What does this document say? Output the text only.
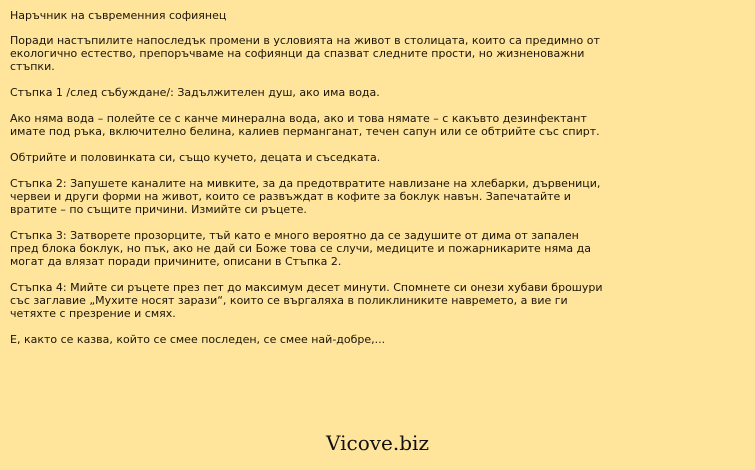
Наръчник на съвременния софиянец
Поради настъпилите напоследък промени в условията на живот в столицата, които са предимно от екологично естество, препоръчваме на софиянци да спазват следните прости, но жизненоважни стъпки.
Стъпка 1 /след събуждане/: Задължителен душ, ако има вода.
Ако няма вода – полейте се с канче минерална вода, ако и това нямате – с какъвто дезинфектант имате под ръка, включително белина, калиев перманганат, течен сапун или се обтрийте със спирт.
Обтрийте и половинката си, също кучето, децата и съседката.
Стъпка 2: Запушете каналите на мивките, за да предотвратите навлизане на хлебарки, дървеници, червеи и други форми на живот, които се развъждат в кофите за боклук навън. Запечатайте и вратите – по същите причини. Измийте си ръцете.
Стъпка 3: Затворете прозорците, тъй като е много вероятно да се задушите от дима от запален пред блока боклук, но пък, ако не дай си Боже това се случи, медиците и пожарникарите няма да могат да влязат поради причините, описани в Стъпка 2.
Стъпка 4: Мийте си ръцете през пет до максимум десет минути. Спомнете си онези хубави брошури със заглавие „Мухите носят зарази“, които се въргаляха в поликлиниките навремето, а вие ги четяхте с презрение и смях.
Е, както се казва, който се смее последен, се смее най-добре,...
Vicove.biz
